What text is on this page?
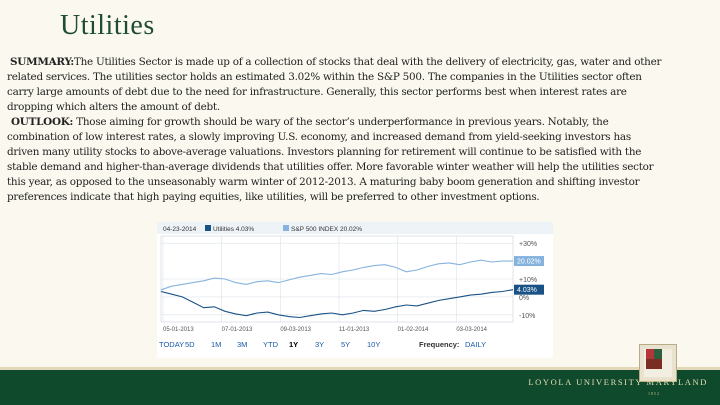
Utilities

SUMMARY:The Utilities Sector is made up of a collection of stocks that deal with the delivery of electricity, gas, water and other related services. The utilities sector holds an estimated 3.02% within the S&P 500. The companies in the Utilities sector often carry large amounts of debt due to the need for infrastructure. Generally, this sector performs best when interest rates are dropping which alters the amount of debt.

OUTLOOK: Those aiming for growth should be wary of the sector’s underperformance in previous years. Notably, the combination of low interest rates, a slowly improving U.S. economy, and increased demand from yield-seeking investors has driven many utility stocks to above-average valuations. Investors planning for retirement will continue to be satisfied with the stable demand and higher-than-average dividends that utilities offer. More favorable winter weather will help the utilities sector this year, as opposed to the unseasonably warm winter of 2012-2013. A maturing baby boom generation and shifting investor preferences indicate that high paying equities, like utilities, will be preferred to other investment options.

04-23-2014	Utilities 4.03%	S&P 500 INDEX 20.02%
+30%
+10%
0%
-10%
05-01-2013	07-01-2013	09-03-2013	11-01-2013	01-02-2014	03-03-2014
4.03%
20.02%
TODAY 5D 1M 3M YTD 1Y 3Y 5Y 10Y	Frequency: DAILY
LOYOLA UNIVERSITY MARYLAND
1852
